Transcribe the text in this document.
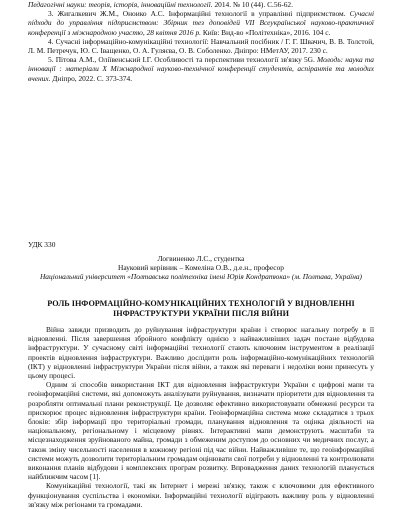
Педагогічні науки: теорія, історія, інноваційні технології. 2014. № 10 (44). С.56-62.

3. Жигалкевич Ж.М., Оноико А.С. Інформаційні технології в управлінні підприємством. Сучасні підходи до управління підприємством: Збірник тез доповідей VII Всеукраїнської науково-практичної конференції з міжнародною участю, 28 квітня 2016 р. Київ: Вид-во «Політехніка», 2016. 104 с.

4. Сучасні інформаційно-комунікаційні технології: Навчальний посібник / Г. Г. Швачич, В. В. Толстой, Л. М. Петречук, Ю. С. Іващенко, О. А. Гуляєва, О. В. Соболенко. Дніпро: НМетАУ, 2017. 230 с.

5. Пітова А.М., Оліївенський І.Г. Особливості та перспективи технології зв'язку 5G. Молодь: наука та інновації : матеріали Х Міжнародної науково-технічної конференції студентів, аспірантів та молодих вчених. Дніпро, 2022. С. 373-374.

УДК 330
Логвиненко Л.С., студентка
Науковий керівник – Комеліна О.В., д.е.н., професор
Національний університет «Полтавська політехніка імені Юрія Кондратюка» (м. Полтава, Україна)
РОЛЬ ІНФОРМАЦІЙНО-КОМУНІКАЦІЙНИХ ТЕХНОЛОГІЙ У ВІДНОВЛЕННІ ІНФРАСТРУКТУРИ УКРАЇНИ ПІСЛЯ ВІЙНИ

Війна завжди призводить до руйнування інфраструктури країни і створює нагальну потребу в її відновленні. Після завершення збройного конфлікту однією з найважливіших задач постане відбудова інфраструктури. У сучасному світі інформаційні технології стають ключовим інструментом в реалізації проектів відновлення інфраструктури. Важливо дослідити роль інформаційно-комунікаційних технологій (ІКТ) у відновленні інфраструктури України після війни, а також які переваги і недоліки вони принесуть у цьому процесі.

Одним зі способів використання ІКТ для відновлення інфраструктури України є цифрові мапи та геоінформаційні системи, які допоможуть аналізувати руйнування, визначати пріоритети для відновлення та розробляти оптимальні плани реконструкції. Це дозволяє ефективно використовувати обмежені ресурси та прискорює процес відновлення інфраструктури країни. Геоінформаційна система може складатися з трьох блоків: збір інформації про територіальні громади, планування відновлення та оцінка діяльності на національному, регіональному і місцевому рівнях. Інтерактивні мапи демонструють масштаби та місцезнаходження зруйнованого майна, громади з обмеженим доступом до основних чи медичних послуг, а також зміну чисельності населення в кожному регіоні під час війни. Найважливіше те, що геоінформаційні системи можуть дозволити територіальним громадам оцінювати свої потреби у відновленні та контролювати виконання планів відбудови і комплексних програм розвитку. Впровадження даних технологій планується найближчим часом [1].

Комунікаційні технології, такі як Інтернет і мережі зв'язку, також є ключовими для ефективного функціонування суспільства і економіки. Інформаційні технології відіграють важливу роль у відновленні зв'язку між регіонами та громадами.
